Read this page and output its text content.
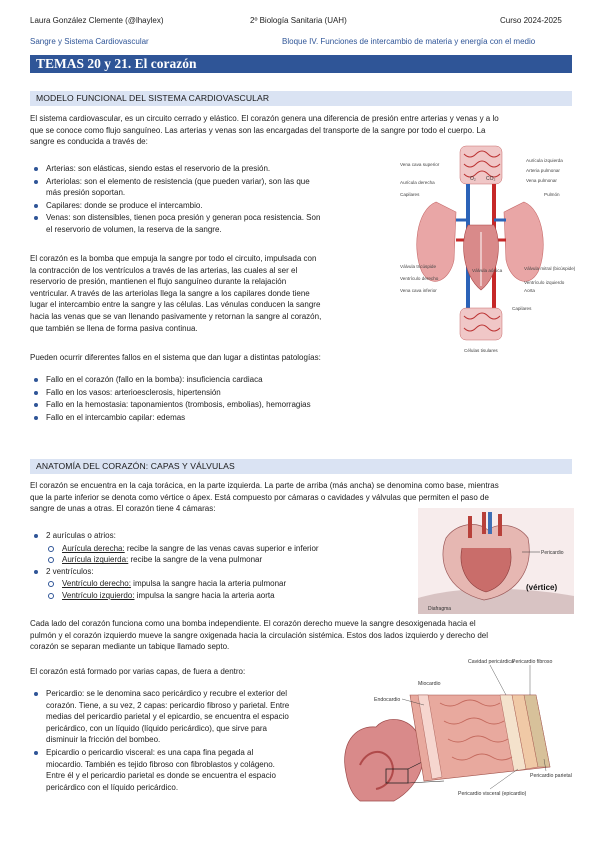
Laura González Clemente (@lhaylex)	2º Biología Sanitaria (UAH)	Curso 2024-2025
Sangre y Sistema Cardiovascular	Bloque IV. Funciones de intercambio de materia y energía con el medio
TEMAS 20 y 21. El corazón
MODELO FUNCIONAL DEL SISTEMA CARDIOVASCULAR
El sistema cardiovascular, es un circuito cerrado y elástico. El corazón genera una diferencia de presión entre arterias y venas y a lo
que se conoce como flujo sanguíneo. Las arterias y venas son las encargadas del transporte de la sangre por todo el cuerpo. La
sangre es conducida a través de:
Arterias: son elásticas, siendo estas el reservorio de la presión.
Arteriolas: son el elemento de resistencia (que pueden variar), son las que
más presión soportan.
Capilares: donde se produce el intercambio.
Venas: son distensibles, tienen poca presión y generan poca resistencia. Son
el reservorio de volumen, la reserva de la sangre.
El corazón es la bomba que empuja la sangre por todo el circuito, impulsada con
la contracción de los ventrículos a través de las arterias, las cuales al ser el
reservorio de presión, mantienen el flujo sanguíneo durante la relajación
ventricular. A través de las arteriolas llega la sangre a los capilares donde tiene
lugar el intercambio entre la sangre y las células. Las vénulas conducen la sangre
hacia las venas que se van llenando pasivamente y retornan la sangre al corazón,
que también se llena de forma pasiva continua.
Pueden ocurrir diferentes fallos en el sistema que dan lugar a distintas patologías:
Fallo en el corazón (fallo en la bomba): insuficiencia cardiaca
Fallo en los vasos: arterioesclerosis, hipertensión
Fallo en la hemostasia: taponamientos (trombosis, embolias), hemorragias
Fallo en el intercambio capilar: edemas
O₂ CO₂
Vena cava superior
Aurícula derecha
Capilares
Válvula tricúspide
Ventrículo derecho
Vena cava inferior
Aurícula izquierda
Arteria pulmonar
Vena pulmonar
Pulmón
Válvula mitral (bicúspide)
Ventrículo izquierdo
Aorta
Capilares
Válvula aórtica
Células tisulares
ANATOMÍA DEL CORAZÓN: CAPAS Y VÁLVULAS
El corazón se encuentra en la caja torácica, en la parte izquierda. La parte de arriba (más ancha) se denomina como base, mientras
que la parte inferior se denota como vértice o ápex. Está compuesto por cámaras o cavidades y válvulas que permiten el paso de
sangre de unas a otras. El corazón tiene 4 cámaras:
2 aurículas o atrios:
Aurícula derecha: recibe la sangre de las venas cavas superior e inferior
Aurícula izquierda: recibe la sangre de la vena pulmonar
2 ventrículos:
Ventrículo derecho: impulsa la sangre hacia la arteria pulmonar
Ventrículo izquierdo: impulsa la sangre hacia la arteria aorta
Pericardio
(vértice)
Diafragma
Cada lado del corazón funciona como una bomba independiente. El corazón derecho mueve la sangre desoxigenada hacia el
pulmón y el corazón izquierdo mueve la sangre oxigenada hacia la circulación sistémica. Estos dos lados izquierdo y derecho del
corazón se separan mediante un tabique llamado septo.
El corazón está formado por varias capas, de fuera a dentro:
Pericardio: se le denomina saco pericárdico y recubre el exterior del
corazón. Tiene, a su vez, 2 capas: pericardio fibroso y parietal. Entre
medias del pericardio parietal y el epicardio, se encuentra el espacio
pericárdico, con un líquido (líquido pericárdico), que sirve para
disminuir la fricción del bombeo.
Epicardio o pericardio visceral: es una capa fina pegada al
miocardio. También es tejido fibroso con fibroblastos y colágeno.
Entre él y el pericardio parietal es donde se encuentra el espacio
pericárdico con el líquido pericárdico.
Cavidad pericárdica
Pericardio fibroso
Miocardio
Endocardio
Pericardio parietal
Pericardio visceral (epicardio)
